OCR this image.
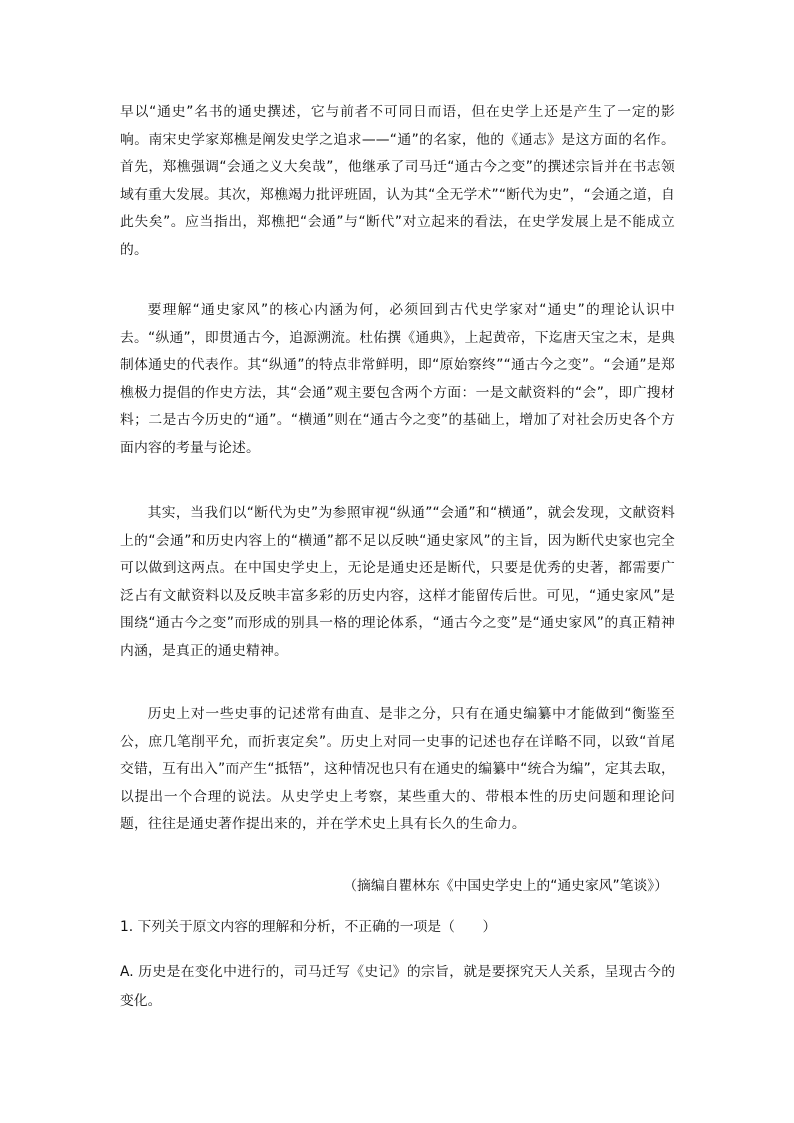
早以“通史”名书的通史撰述，它与前者不可同日而语，但在史学上还是产生了一定的影响。南宋史学家郑樵是阐发史学之追求——“通”的名家，他的《通志》是这方面的名作。首先，郑樵强调“会通之义大矣哉”，他继承了司马迁“通古今之变”的撰述宗旨并在书志领域有重大发展。其次，郑樵竭力批评班固，认为其“全无学术”“断代为史”，“会通之道，自此失矣”。应当指出，郑樵把“会通”与“断代”对立起来的看法，在史学发展上是不能成立的。

要理解“通史家风”的核心内涵为何，必须回到古代史学家对“通史”的理论认识中去。“纵通”，即贯通古今，追源溯流。杜佑撰《通典》，上起黄帝，下迄唐天宝之末，是典制体通史的代表作。其“纵通”的特点非常鲜明，即“原始察终”“通古今之变”。“会通”是郑樵极力提倡的作史方法，其“会通”观主要包含两个方面：一是文献资料的“会”，即广搜材料；二是古今历史的“通”。“横通”则在“通古今之变”的基础上，增加了对社会历史各个方面内容的考量与论述。

其实，当我们以“断代为史”为参照审视“纵通”“会通”和“横通”，就会发现，文献资料上的“会通”和历史内容上的“横通”都不足以反映“通史家风”的主旨，因为断代史家也完全可以做到这两点。在中国史学史上，无论是通史还是断代，只要是优秀的史著，都需要广泛占有文献资料以及反映丰富多彩的历史内容，这样才能留传后世。可见，“通史家风”是围绕“通古今之变”而形成的别具一格的理论体系，“通古今之变”是“通史家风”的真正精神内涵，是真正的通史精神。

历史上对一些史事的记述常有曲直、是非之分，只有在通史编纂中才能做到“衡鉴至公，庶几笔削平允，而折衷定矣”。历史上对同一史事的记述也存在详略不同，以致“首尾交错，互有出入”而产生“抵牾”，这种情况也只有在通史的编纂中“统合为编”，定其去取，以提出一个合理的说法。从史学史上考察，某些重大的、带根本性的历史问题和理论问题，往往是通史著作提出来的，并在学术史上具有长久的生命力。

（摘编自瞿林东《中国史学史上的“通史家风”笔谈》）

1. 下列关于原文内容的理解和分析，不正确的一项是（　　）

A. 历史是在变化中进行的，司马迁写《史记》的宗旨，就是要探究天人关系，呈现古今的变化。
